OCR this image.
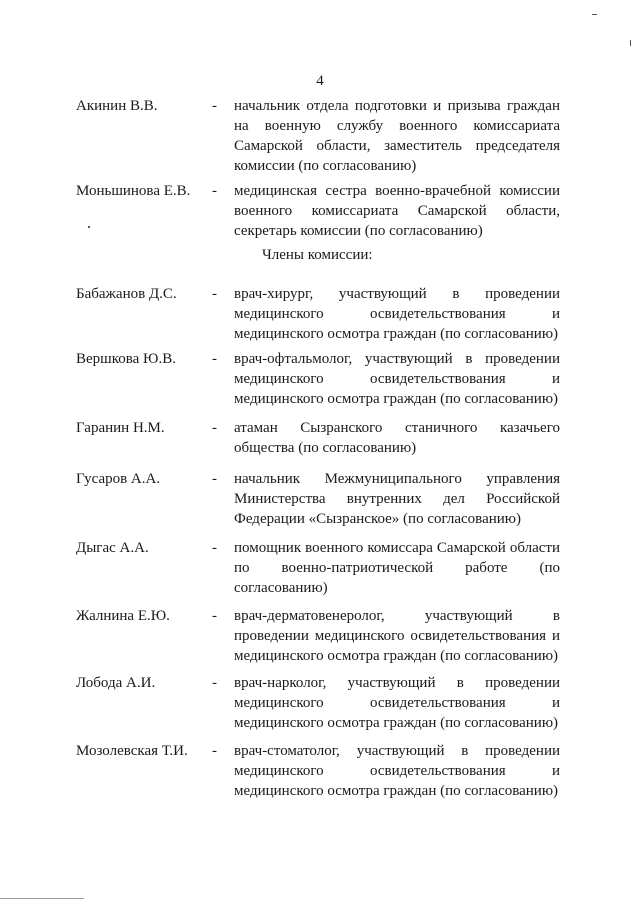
4
Акинин В.В.	- начальник отдела подготовки и призыва граждан на военную службу военного комиссариата Самарской области, заместитель председателя комиссии (по согласованию)
Моньшинова Е.В. - медицинская сестра военно-врачебной комиссии военного комиссариата Самарской области, секретарь комиссии (по согласованию)
Члены комиссии:
Бабажанов Д.С. - врач-хирург, участвующий в проведении медицинского освидетельствования и медицинского осмотра граждан (по согласованию)
Вершкова Ю.В. - врач-офтальмолог, участвующий в проведении медицинского освидетельствования и медицинского осмотра граждан (по согласованию)
Гаранин Н.М.	- атаман Сызранского станичного казачьего общества (по согласованию)
Гусаров А.А.	- начальник Межмуниципального управления Министерства внутренних дел Российской Федерации «Сызранское» (по согласованию)
Дыгас А.А.	- помощник военного комиссара Самарской области по военно-патриотической работе (по согласованию)
Жалнина Е.Ю.	- врач-дерматовенеролог, участвующий в проведении медицинского освидетельствования и медицинского осмотра граждан (по согласованию)
Лобода А.И.	- врач-нарколог, участвующий в проведении медицинского освидетельствования и медицинского осмотра граждан (по согласованию)
Мозолевская Т.И. - врач-стоматолог, участвующий в проведении медицинского освидетельствования и медицинского осмотра граждан (по согласованию)
